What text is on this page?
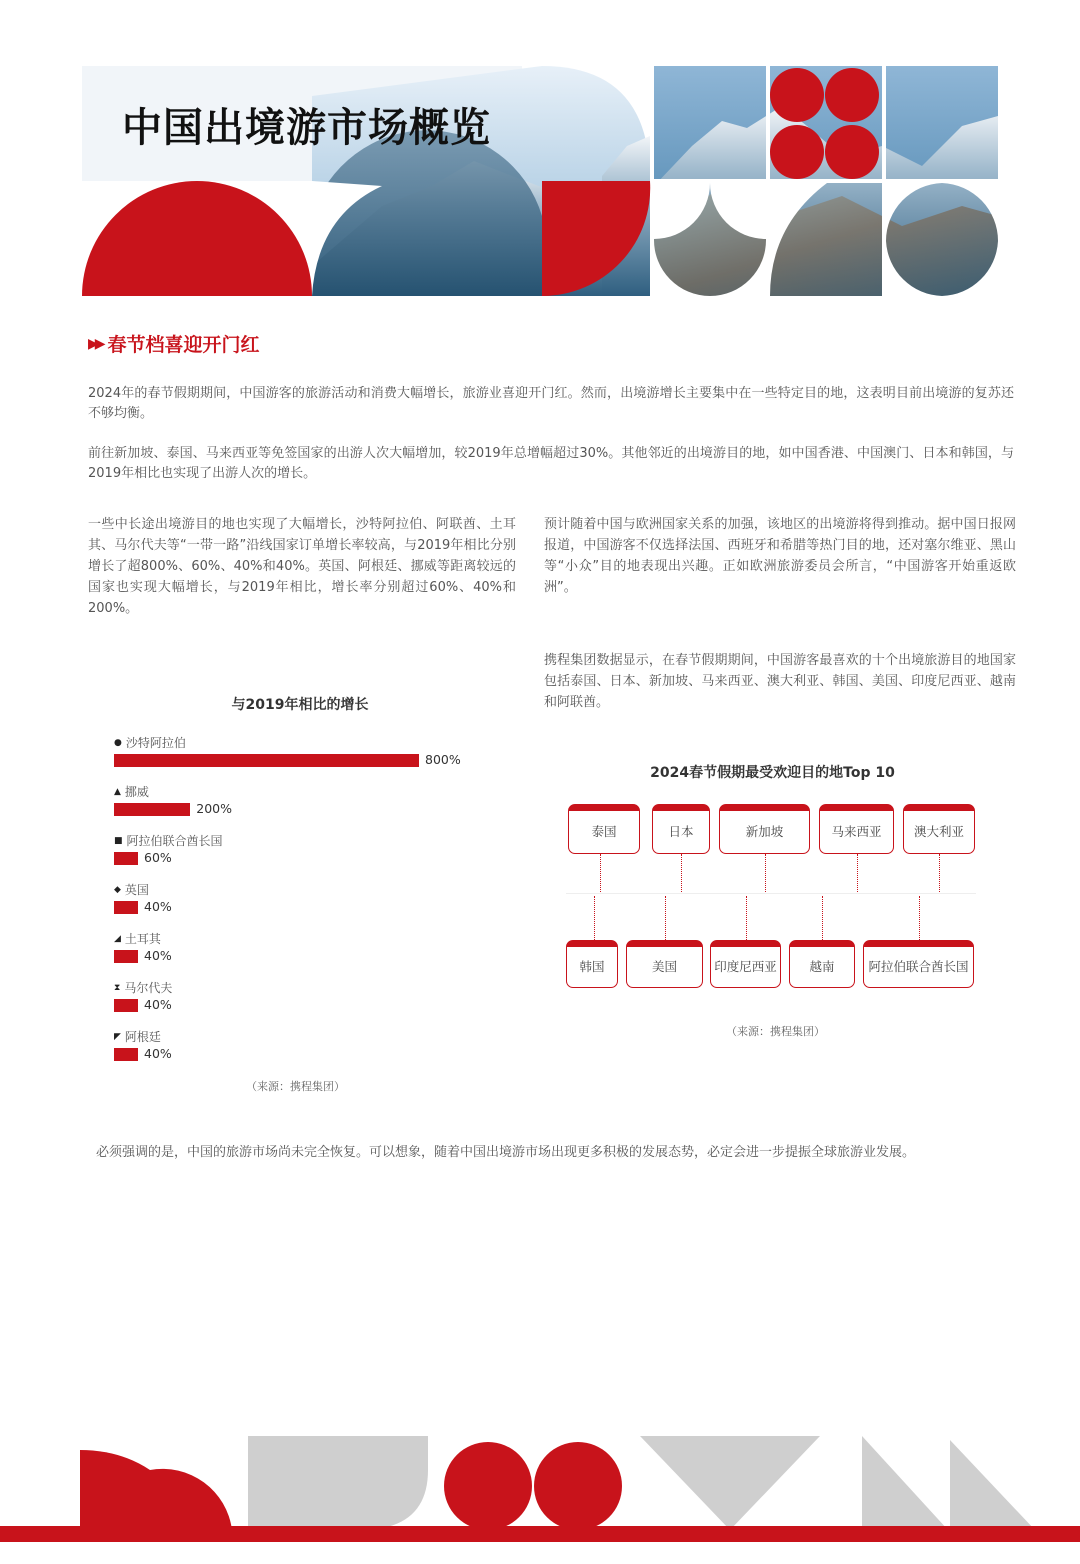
中国出境游市场概览
▶▶ 春节档喜迎开门红

2024年的春节假期期间，中国游客的旅游活动和消费大幅增长，旅游业喜迎开门红。然而，出境游增长主要集中在一些特定目的地，这表明目前出境游的复苏还不够均衡。

前往新加坡、泰国、马来西亚等免签国家的出游人次大幅增加，较2019年总增幅超过30%。其他邻近的出境游目的地，如中国香港、中国澳门、日本和韩国，与2019年相比也实现了出游人次的增长。

一些中长途出境游目的地也实现了大幅增长，沙特阿拉伯、阿联酋、土耳其、马尔代夫等“一带一路”沿线国家订单增长率较高，与2019年相比分别增长了超800%、60%、40%和40%。英国、阿根廷、挪威等距离较远的国家也实现大幅增长，与2019年相比，增长率分别超过60%、40%和200%。

预计随着中国与欧洲国家关系的加强，该地区的出境游将得到推动。据中国日报网报道，中国游客不仅选择法国、西班牙和希腊等热门目的地，还对塞尔维亚、黑山等“小众”目的地表现出兴趣。正如欧洲旅游委员会所言，“中国游客开始重返欧洲”。

携程集团数据显示，在春节假期期间，中国游客最喜欢的十个出境旅游目的地国家包括泰国、日本、新加坡、马来西亚、澳大利亚、韩国、美国、印度尼西亚、越南和阿联酋。

与2019年相比的增长
● 沙特阿拉伯
800%
▲ 挪威
200%
■ 阿拉伯联合酋长国
60%
◆ 英国
40%
◢ 土耳其
40%
⧗ 马尔代夫
40%
◤ 阿根廷
40%
（来源：携程集团）
2024春节假期最受欢迎目的地Top 10
泰国	日本	新加坡	马来西亚	澳大利亚
韩国	美国	印度尼西亚	越南	阿拉伯联合酋长国
（来源：携程集团）

必须强调的是，中国的旅游市场尚未完全恢复。可以想象，随着中国出境游市场出现更多积极的发展态势，必定会进一步提振全球旅游业发展。
